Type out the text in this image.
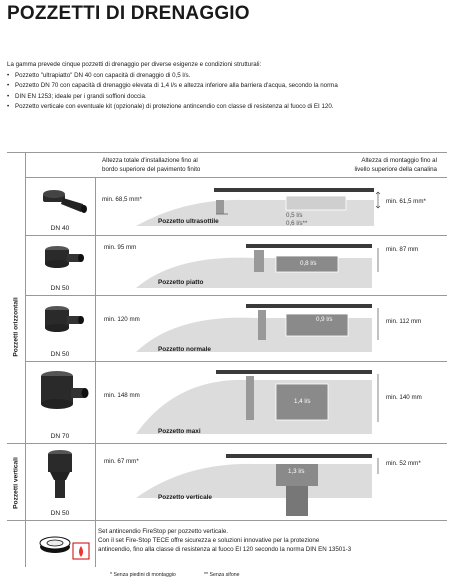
POZZETTI DI DRENAGGIO

La gamma prevede cinque pozzetti di drenaggio per diverse esigenze e condizioni strutturali:

• Pozzetto "ultrapiatto" DN 40 con capacità di drenaggio di 0,5 l/s.
• Pozzetto DN 70 con capacità di drenaggio elevata di 1,4 l/s e altezza inferiore alla barriera d'acqua, secondo la norma
• DIN EN 1253; ideale per i grandi soffioni doccia.
• Pozzetto verticale con eventuale kit (opzionale) di protezione antincendio con classe di resistenza al fuoco di EI 120.
Altezza totale d'installazione fino al
bordo superiore del pavimento finito
Altezza di montaggio fino al
livello superiore della canalina
Pozzetti orizzontali
Pozzetti verticali
DN 40
min. 68,5 mm*	min. 61,5 mm*
Pozzetto ultrasottile
0,5 l/s
0,6 l/s**
DN 50
min. 95 mm	min. 87 mm
Pozzetto piatto
0,8 l/s
DN 50
min. 120 mm	min. 112 mm
Pozzetto normale
0,9 l/s
DN 70
min. 148 mm	min. 140 mm
Pozzetto maxi
1,4 l/s
DN 50
min. 67 mm*	min. 52 mm*
Pozzetto verticale
1,3 l/s
Set antincendio FireStop per pozzetto verticale.
Con il set Fire-Stop TECE offre sicurezza e soluzioni innovative per la protezione
antincendio, fino alla classe di resistenza al fuoco EI 120 secondo la norma DIN EN 13501-3
* Senza piedini di montaggio	** Senza sifone
